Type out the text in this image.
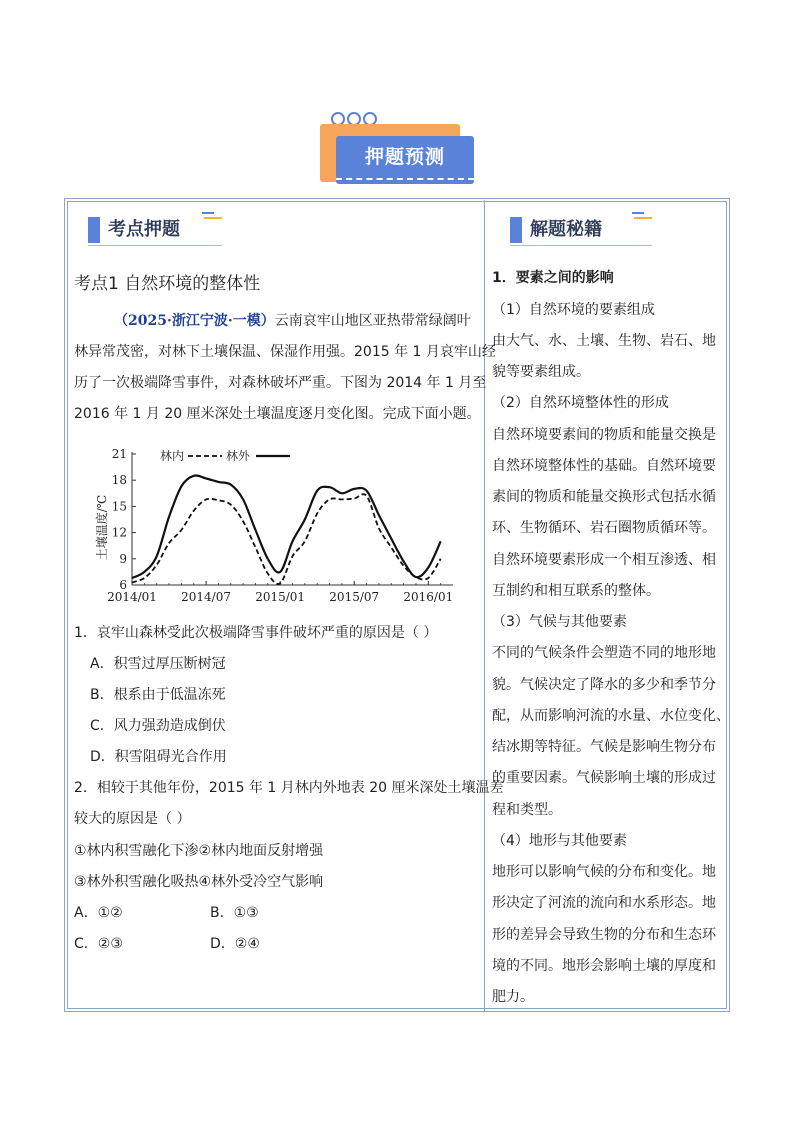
押题预测
考点押题	解题秘籍
考点1 自然环境的整体性
（2025·浙江宁波·一模）云南哀牢山地区亚热带常绿阔叶
林异常茂密，对林下土壤保温、保湿作用强。2015 年 1 月哀牢山经
历了一次极端降雪事件，对森林破坏严重。下图为 2014 年 1 月至
2016 年 1 月 20 厘米深处土壤温度逐月变化图。完成下面小题。
6
9
12
15
18
21
2014/01 2014/07 2015/01 2015/07 2016/01
土壤温度/℃
林内	林外
1．哀牢山森林受此次极端降雪事件破坏严重的原因是（ ）
A．积雪过厚压断树冠
B．根系由于低温冻死
C．风力强劲造成倒伏
D．积雪阻碍光合作用
2．相较于其他年份，2015 年 1 月林内外地表 20 厘米深处土壤温差
较大的原因是（ ）
①林内积雪融化下渗②林内地面反射增强
③林外积雪融化吸热④林外受冷空气影响
A．①②	B．①③
C．②③	D．②④
1．要素之间的影响
（1）自然环境的要素组成
由大气、水、土壤、生物、岩石、地
貌等要素组成。
（2）自然环境整体性的形成
自然环境要素间的物质和能量交换是
自然环境整体性的基础。自然环境要
素间的物质和能量交换形式包括水循
环、生物循环、岩石圈物质循环等。
自然环境要素形成一个相互渗透、相
互制约和相互联系的整体。
（3）气候与其他要素
不同的气候条件会塑造不同的地形地
貌。气候决定了降水的多少和季节分
配，从而影响河流的水量、水位变化、
结冰期等特征。气候是影响生物分布
的重要因素。气候影响土壤的形成过
程和类型。
（4）地形与其他要素
地形可以影响气候的分布和变化。地
形决定了河流的流向和水系形态。地
形的差异会导致生物的分布和生态环
境的不同。地形会影响土壤的厚度和
肥力。
